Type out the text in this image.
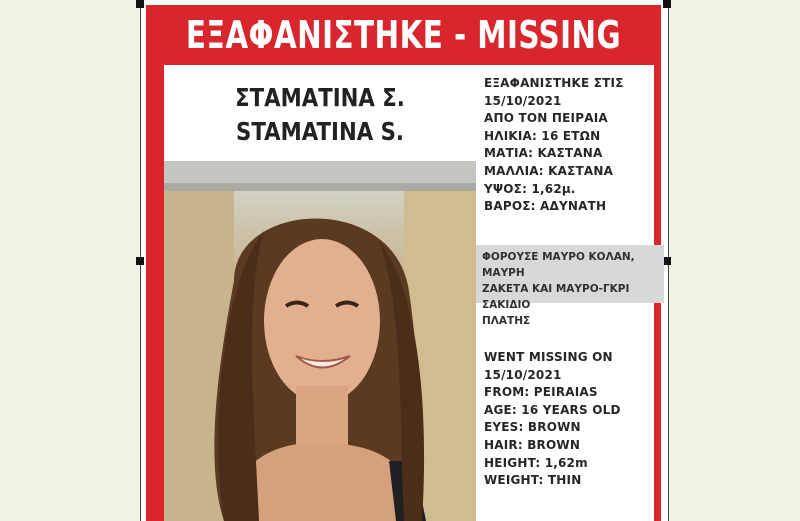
ΕΞΑΦΑΝΙΣΤΗΚΕ - MISSING
ΣΤΑΜΑΤΙΝΑ Σ.
STAMATINA S.
ΕΞΑΦΑΝΙΣΤΗΚΕ ΣΤΙΣ
15/10/2021
ΑΠΟ ΤΟΝ ΠΕΙΡΑΙΑ
ΗΛΙΚΙΑ: 16 ΕΤΩΝ
ΜΑΤΙΑ: ΚΑΣΤΑΝΑ
ΜΑΛΛΙΑ: ΚΑΣΤΑΝΑ
ΥΨΟΣ: 1,62μ.
ΒΑΡΟΣ: ΑΔΥΝΑΤΗ
ΦΟΡΟΥΣΕ ΜΑΥΡΟ ΚΟΛΑΝ, ΜΑΥΡΗ
ΖΑΚΕΤΑ ΚΑΙ ΜΑΥΡΟ-ΓΚΡΙ ΣΑΚΙΔΙΟ
ΠΛΑΤΗΣ
WENT MISSING ON
15/10/2021
FROM: PEIRAIAS
AGE: 16 YEARS OLD
EYES: BROWN
HAIR: BROWN
HEIGHT: 1,62m
WEIGHT: THIN
